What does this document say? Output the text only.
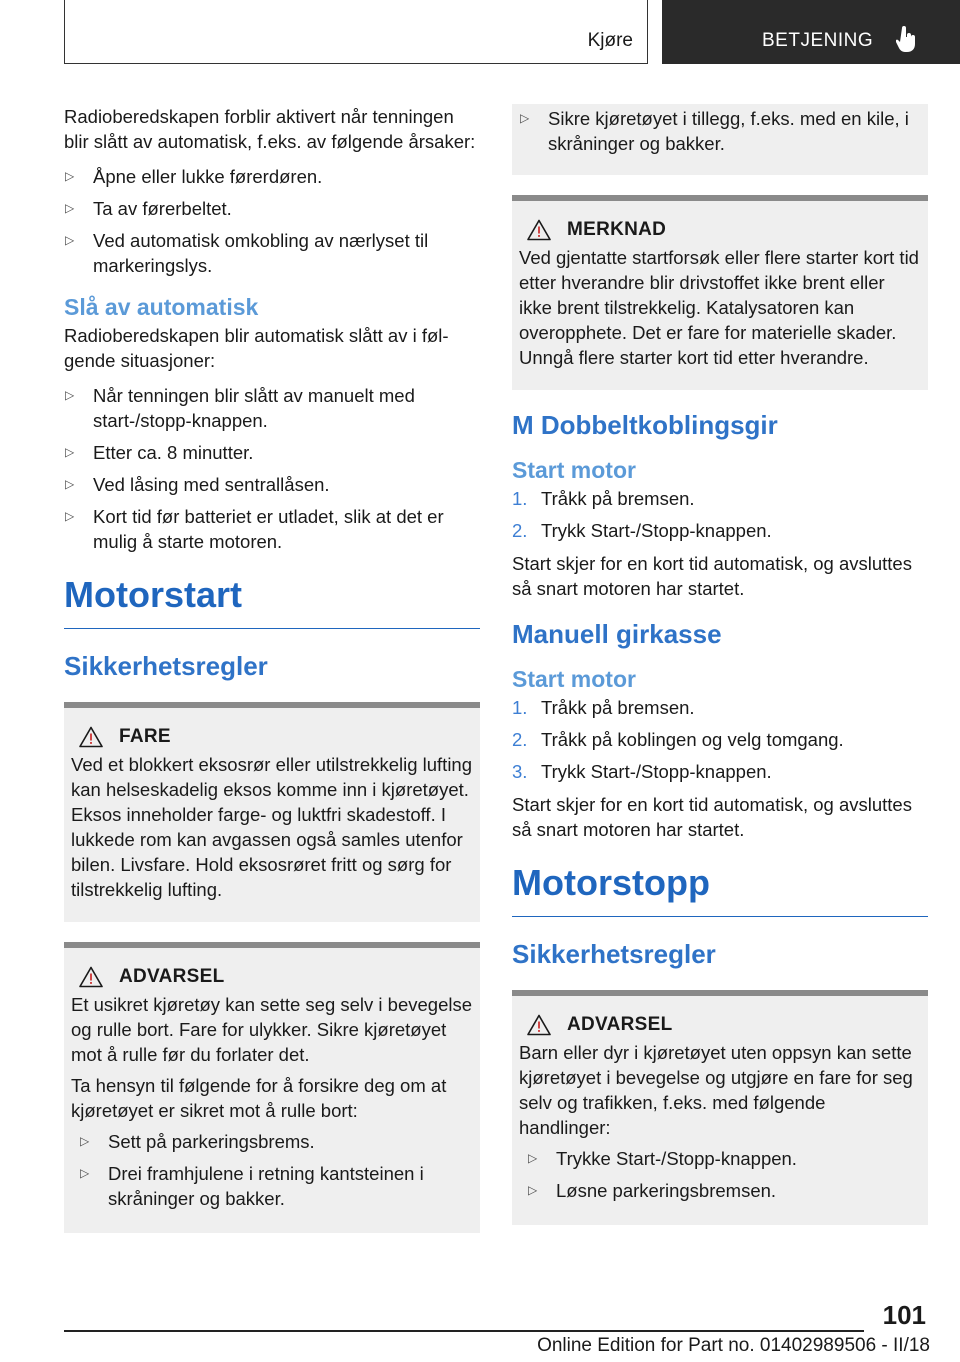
Kjøre	BETJENING

Radioberedskapen forblir aktivert når tenningen blir slått av automatisk, f.eks. av følgende årsaker:

▷ Åpne eller lukke førerdøren.
▷ Ta av førerbeltet.
▷ Ved automatisk omkobling av nærlyset til markeringslys.
Slå av automatisk

Radioberedskapen blir automatisk slått av i følgende situasjoner:

▷ Når tenningen blir slått av manuelt med start-/stopp-knappen.
▷ Etter ca. 8 minutter.
▷ Ved låsing med sentrallåsen.
▷ Kort tid før batteriet er utladet, slik at det er mulig å starte motoren.
Motorstart
Sikkerhetsregler
FARE

Ved et blokkert eksosrør eller utilstrekkelig lufting kan helseskadelig eksos komme inn i kjøretøyet. Eksos inneholder farge- og luktfri skadestoff. I lukkede rom kan avgassen også samles utenfor bilen. Livsfare. Hold eksosrøret fritt og sørg for tilstrekkelig lufting.

ADVARSEL

Et usikret kjøretøy kan sette seg selv i bevegelse og rulle bort. Fare for ulykker. Sikre kjøretøyet mot å rulle før du forlater det.

Ta hensyn til følgende for å forsikre deg om at kjøretøyet er sikret mot å rulle bort:

▷ Sett på parkeringsbrems.
▷ Drei framhjulene i retning kantsteinen i skråninger og bakker.
▷ Sikre kjøretøyet i tillegg, f.eks. med en kile, i skråninger og bakker.
MERKNAD

Ved gjentatte startforsøk eller flere starter kort tid etter hverandre blir drivstoffet ikke brent eller ikke brent tilstrekkelig. Katalysatoren kan overopphete. Det er fare for materielle skader. Unngå flere starter kort tid etter hverandre.

M Dobbeltkoblingsgir
Start motor
1. Tråkk på bremsen.
2. Trykk Start-/Stopp-knappen.

Start skjer for en kort tid automatisk, og avsluttes så snart motoren har startet.

Manuell girkasse
Start motor
1. Tråkk på bremsen.
2. Tråkk på koblingen og velg tomgang.
3. Trykk Start-/Stopp-knappen.

Start skjer for en kort tid automatisk, og avsluttes så snart motoren har startet.

Motorstopp
Sikkerhetsregler
ADVARSEL

Barn eller dyr i kjøretøyet uten oppsyn kan sette kjøretøyet i bevegelse og utgjøre en fare for seg selv og trafikken, f.eks. med følgende handlinger:

▷ Trykke Start-/Stopp-knappen.
▷ Løsne parkeringsbremsen.
101
Online Edition for Part no. 01402989506 - II/18
